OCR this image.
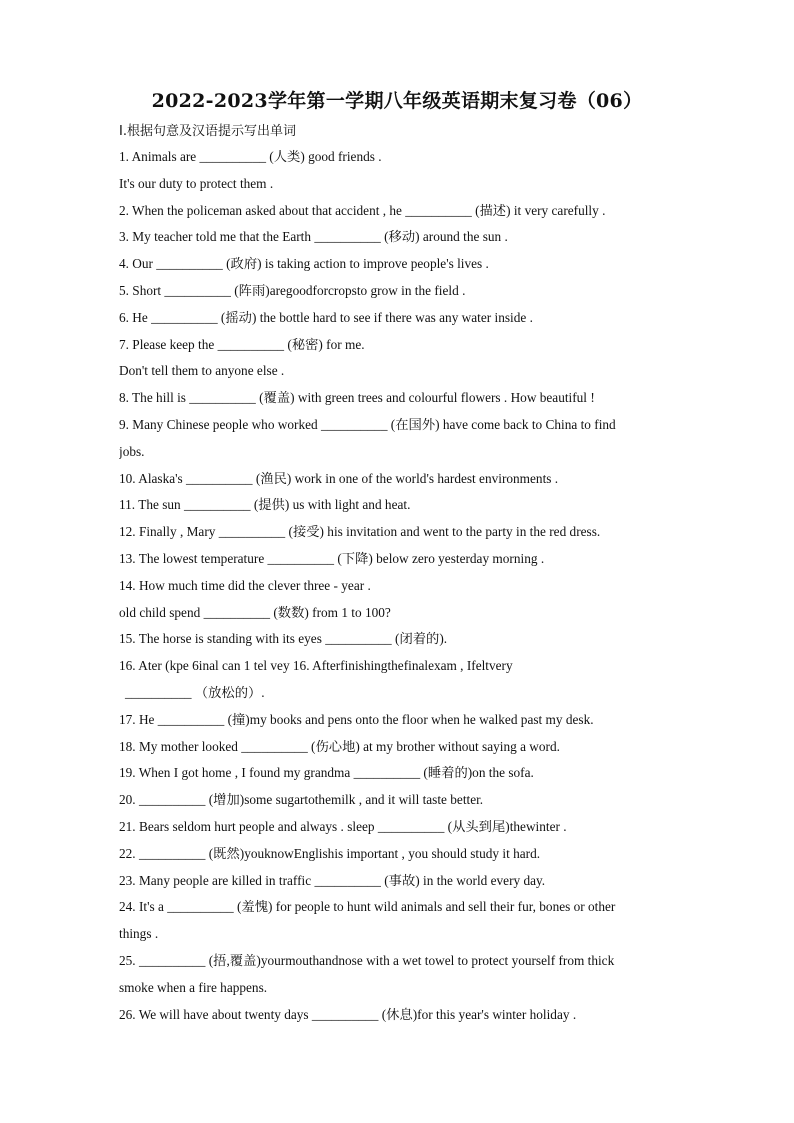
2022-2023学年第一学期八年级英语期末复习卷（06）
I.根据句意及汉语提示写出单词
1. Animals are __________ (人类) good friends .
It's our duty to protect them .
2. When the policeman asked about that accident , he __________ (描述) it very carefully .
3. My teacher told me that the Earth __________ (移动) around the sun .
4. Our __________ (政府) is taking action to improve people's lives .
5. Short __________ (阵雨)aregoodforcropsto grow in the field .
6. He __________ (摇动) the bottle hard to see if there was any water inside .
7. Please keep the __________ (秘密) for me.
Don't tell them to anyone else .
8. The hill is __________ (覆盖) with green trees and colourful flowers . How beautiful !
9. Many Chinese people who worked __________ (在国外) have come back to China to find
jobs.
10. Alaska's __________ (渔民) work in one of the world's hardest environments .
11. The sun __________ (提供) us with light and heat.
12. Finally , Mary __________ (接受) his invitation and went to the party in the red dress.
13. The lowest temperature __________ (下降) below zero yesterday morning .
14. How much time did the clever three - year .
old child spend __________ (数数) from 1 to 100?
15. The horse is standing with its eyes __________ (闭着的).
16. Ater (kpe 6inal can 1 tel vey 16. Afterfinishingthefinalexam , Ifeltvery
__________ （放松的）.
17. He __________ (撞)my books and pens onto the floor when he walked past my desk.
18. My mother looked __________ (伤心地) at my brother without saying a word.
19. When I got home , I found my grandma __________ (睡着的)on the sofa.
20. __________ (增加)some sugartothemilk , and it will taste better.
21. Bears seldom hurt people and always . sleep __________ (从头到尾)thewinter .
22. __________ (既然)youknowEnglishis important , you should study it hard.
23. Many people are killed in traffic __________ (事故) in the world every day.
24. It's a __________ (羞愧) for people to hunt wild animals and sell their fur, bones or other
things .
25. __________ (捂,覆盖)yourmouthandnose with a wet towel to protect yourself from thick
smoke when a fire happens.
26. We will have about twenty days __________ (休息)for this year's winter holiday .
